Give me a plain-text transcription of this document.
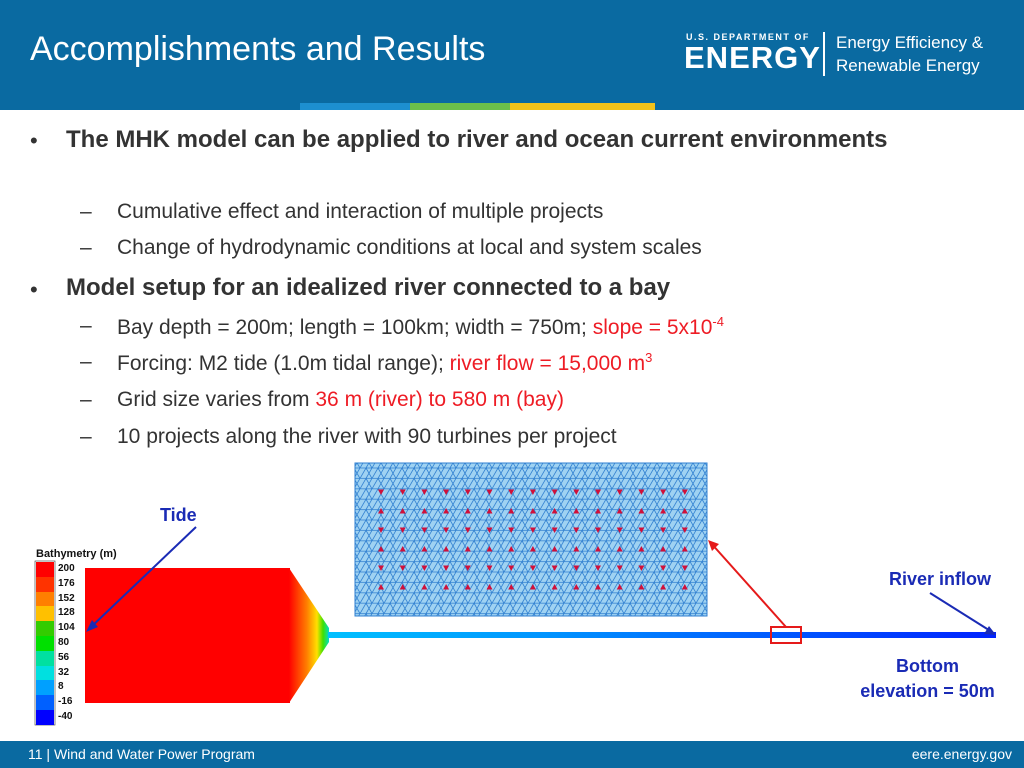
Accomplishments and Results	U.S. DEPARTMENT OF
ENERGY Energy Efficiency &
Renewable Energy
• The MHK model can be applied to river and ocean current environments
– Cumulative effect and interaction of multiple projects
– Change of hydrodynamic conditions at local and system scales
• Model setup for an idealized river connected to a bay
– Bay depth = 200m; length = 100km; width = 750m; slope = $5x10^{-4}$
– Forcing: M2 tide (1.0m tidal range); river flow = 15,000 $m^3$
– Grid size varies from 36 m (river) to 580 m (bay)
– 10 projects along the river with 90 turbines per project
Bathymetry (m)
200
176
152
128
104
80
56
32
8
-16
-40
Tide
River inflow
Bottom
elevation = 50m
11 | Wind and Water Power Program	eere.energy.gov
